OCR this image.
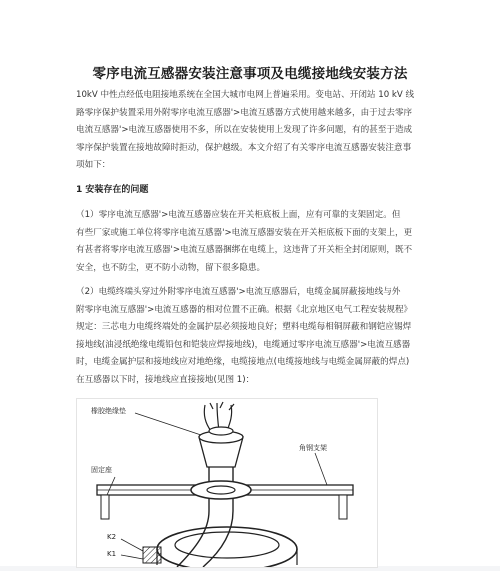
零序电流互感器安装注意事项及电缆接地线安装方法
10kV 中性点经低电阻接地系统在全国大城市电网上普遍采用。变电站、开闭站 10 kV 线
路零序保护装置采用外附零序电流互感器'>电流互感器方式使用越来越多，由于过去零序
电流互感器'>电流互感器使用不多，所以在安装使用上发现了许多问题，有的甚至于造成
零序保护装置在接地故障时拒动，保护越级。本文介绍了有关零序电流互感器安装注意事
项如下：
1 安装存在的问题
（1）零序电流互感器'>电流互感器应装在开关柜底板上面，应有可靠的支架固定。但
有些厂家或施工单位将零序电流互感器'>电流互感器安装在开关柜底板下面的支架上，更
有甚者将零序电流互感器'>电流互感器捆绑在电缆上，这违背了开关柜全封闭原则，既不
安全，也不防尘，更不防小动物，留下很多隐患。
（2）电缆终端头穿过外附零序电流互感器'>电流互感器后，电缆金属屏蔽接地线与外
附零序电流互感器'>电流互感器的相对位置不正确。根据《北京地区电气工程安装规程》
规定：三芯电力电缆终端处的金属护层必须接地良好；塑料电缆每相铜屏蔽和钢铠应锡焊
接地线(油浸纸绝缘电缆铅包和铠装应焊接地线)，电缆通过零序电流互感器'>电流互感器
时，电缆金属护层和接地线应对地绝缘，电缆接地点(电缆接地线与电缆金属屏蔽的焊点)
在互感器以下时，接地线应直接接地(见图 1)：
橡胶绝缘垫
角钢支架
固定座
K2
K1
